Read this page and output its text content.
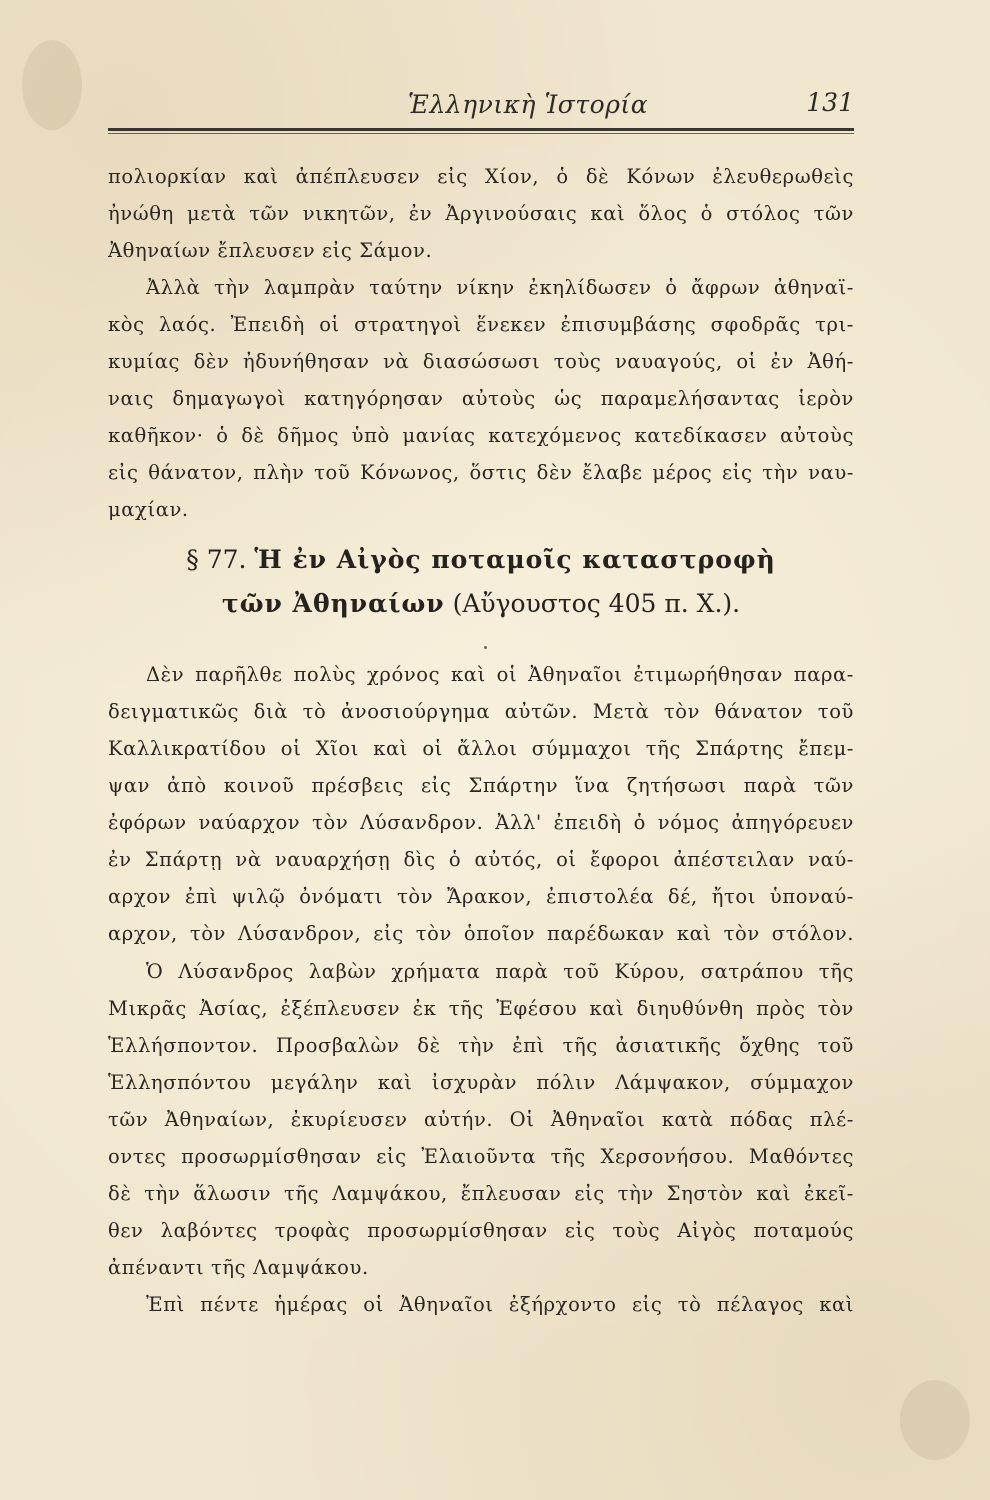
Ἑλληνικὴ Ἱστορία	131
πολιορκίαν καὶ ἀπέπλευσεν εἰς Χίον, ὁ δὲ Κόνων ἐλευθερωθεὶς
ἠνώθη μετὰ τῶν νικητῶν, ἐν Ἀργινούσαις καὶ ὅλος ὁ στόλος τῶν
Ἀθηναίων ἔπλευσεν εἰς Σάμον.
Ἀλλὰ τὴν λαμπρὰν ταύτην νίκην ἐκηλίδωσεν ὁ ἄφρων ἀθηναϊ-
κὸς λαός. Ἐπειδὴ οἱ στρατηγοὶ ἕνεκεν ἐπισυμβάσης σφοδρᾶς τρι-
κυμίας δὲν ἠδυνήθησαν νὰ διασώσωσι τοὺς ναυαγούς, οἱ ἐν Ἀθή-
ναις δημαγωγοὶ κατηγόρησαν αὐτοὺς ὡς παραμελήσαντας ἱερὸν
καθῆκον· ὁ δὲ δῆμος ὑπὸ μανίας κατεχόμενος κατεδίκασεν αὐτοὺς
εἰς θάνατον, πλὴν τοῦ Κόνωνος, ὅστις δὲν ἔλαβε μέρος εἰς τὴν ναυ-
μαχίαν.
§ 77. Ἡ ἐν Αἰγὸς ποταμοῖς καταστροφὴ
τῶν Ἀθηναίων (Αὔγουστος 405 π. Χ.).
Δὲν παρῆλθε πολὺς χρόνος καὶ οἱ Ἀθηναῖοι ἐτιμωρήθησαν παρα-
δειγματικῶς διὰ τὸ ἀνοσιούργημα αὐτῶν. Μετὰ τὸν θάνατον τοῦ
Καλλικρατίδου οἱ Χῖοι καὶ οἱ ἄλλοι σύμμαχοι τῆς Σπάρτης ἔπεμ-
ψαν ἀπὸ κοινοῦ πρέσβεις εἰς Σπάρτην ἵνα ζητήσωσι παρὰ τῶν
ἐφόρων ναύαρχον τὸν Λύσανδρον. Ἀλλ' ἐπειδὴ ὁ νόμος ἀπηγόρευεν
ἐν Σπάρτῃ νὰ ναυαρχήσῃ δὶς ὁ αὐτός, οἱ ἔφοροι ἀπέστειλαν ναύ-
αρχον ἐπὶ ψιλῷ ὀνόματι τὸν Ἄρακον, ἐπιστολέα δέ, ἤτοι ὑποναύ-
αρχον, τὸν Λύσανδρον, εἰς τὸν ὁποῖον παρέδωκαν καὶ τὸν στόλον.
Ὁ Λύσανδρος λαβὼν χρήματα παρὰ τοῦ Κύρου, σατράπου τῆς
Μικρᾶς Ἀσίας, ἐξέπλευσεν ἐκ τῆς Ἐφέσου καὶ διηυθύνθη πρὸς τὸν
Ἑλλήσποντον. Προσβαλὼν δὲ τὴν ἐπὶ τῆς ἀσιατικῆς ὄχθης τοῦ
Ἑλλησπόντου μεγάλην καὶ ἰσχυρὰν πόλιν Λάμψακον, σύμμαχον
τῶν Ἀθηναίων, ἐκυρίευσεν αὐτήν. Οἱ Ἀθηναῖοι κατὰ πόδας πλέ-
οντες προσωρμίσθησαν εἰς Ἐλαιοῦντα τῆς Χερσονήσου. Μαθόντες
δὲ τὴν ἅλωσιν τῆς Λαμψάκου, ἔπλευσαν εἰς τὴν Σηστὸν καὶ ἐκεῖ-
θεν λαβόντες τροφὰς προσωρμίσθησαν εἰς τοὺς Αἰγὸς ποταμούς
ἀπέναντι τῆς Λαμψάκου.
Ἐπὶ πέντε ἡμέρας οἱ Ἀθηναῖοι ἐξήρχοντο εἰς τὸ πέλαγος καὶ
